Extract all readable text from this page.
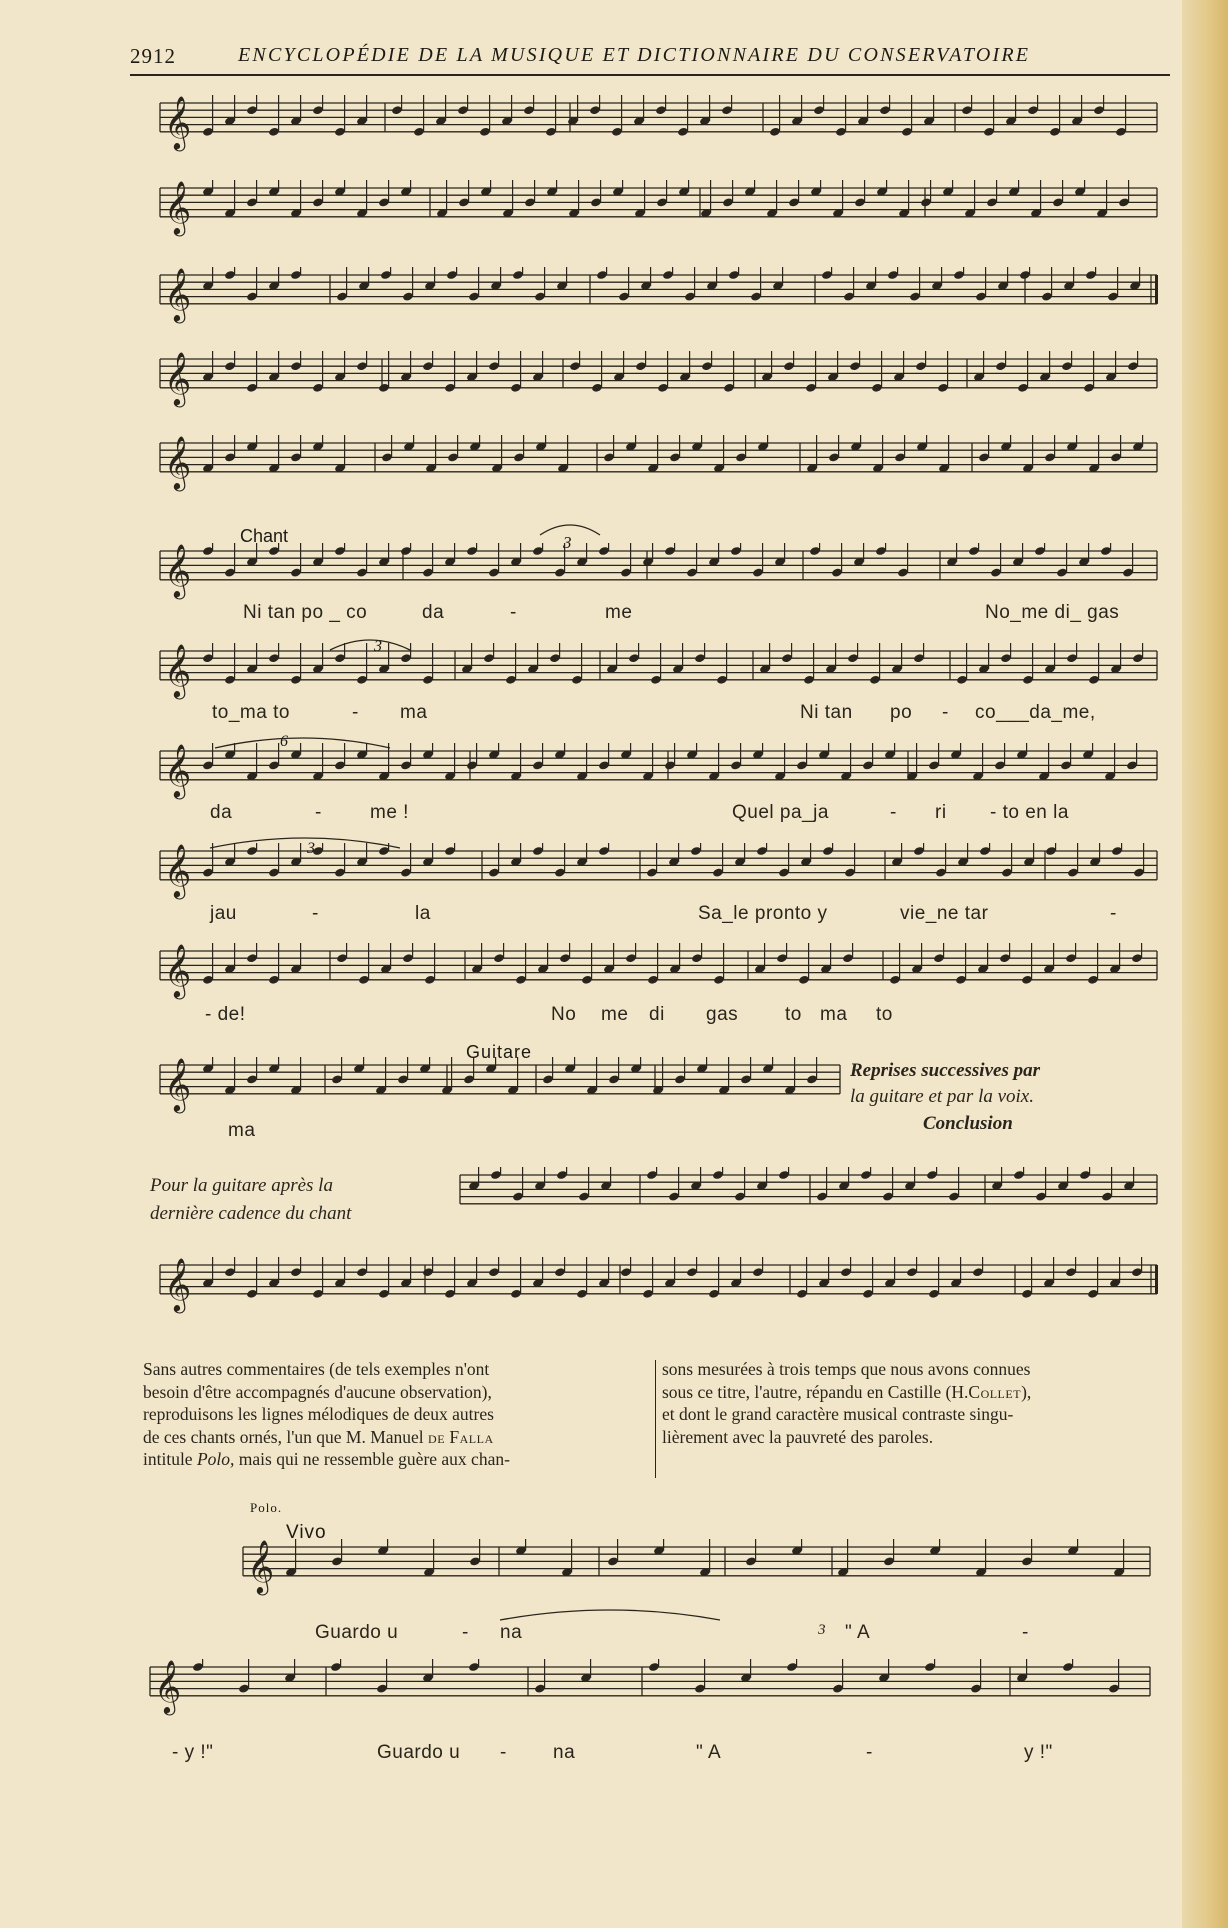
2912	ENCYCLOPÉDIE DE LA MUSIQUE ET DICTIONNAIRE DU CONSERVATOIRE
𝄞
𝄞
𝄞
𝄞
𝄞
𝄞
𝄞
𝄞
𝄞
𝄞
𝄞
𝄞
𝄞
𝄞
Chant
Guitare
3
3
6
3
3
Ni tan po _ co	da	-	me	No_me di_ gas
to_ma to	- ma	Ni tan po - co___da_me,
da	-	me !	Quel pa_ja	- ri - to en la
jau	-	la	Sa_le pronto y	vie_ne tar	-
- de!	No me di gas to ma to
ma
Reprises successives par
la guitare et par la voix.
Conclusion
Pour la guitare après la
dernière cadence du chant
Sans autres commentaires (de tels exemples n'ont
besoin d'être accompagnés d'aucune observation),
reproduisons les lignes mélodiques de deux autres
de ces chants ornés, l'un que M. Manuel de Falla
intitule Polo, mais qui ne ressemble guère aux chan-
sons mesurées à trois temps que nous avons connues
sous ce titre, l'autre, répandu en Castille (H.Collet),
et dont le grand caractère musical contraste singu-
lièrement avec la pauvreté des paroles.
Polo.
Vivo
Guardo u	- na	" A	-
- y !"	Guardo u - na	" A	-	y !"
